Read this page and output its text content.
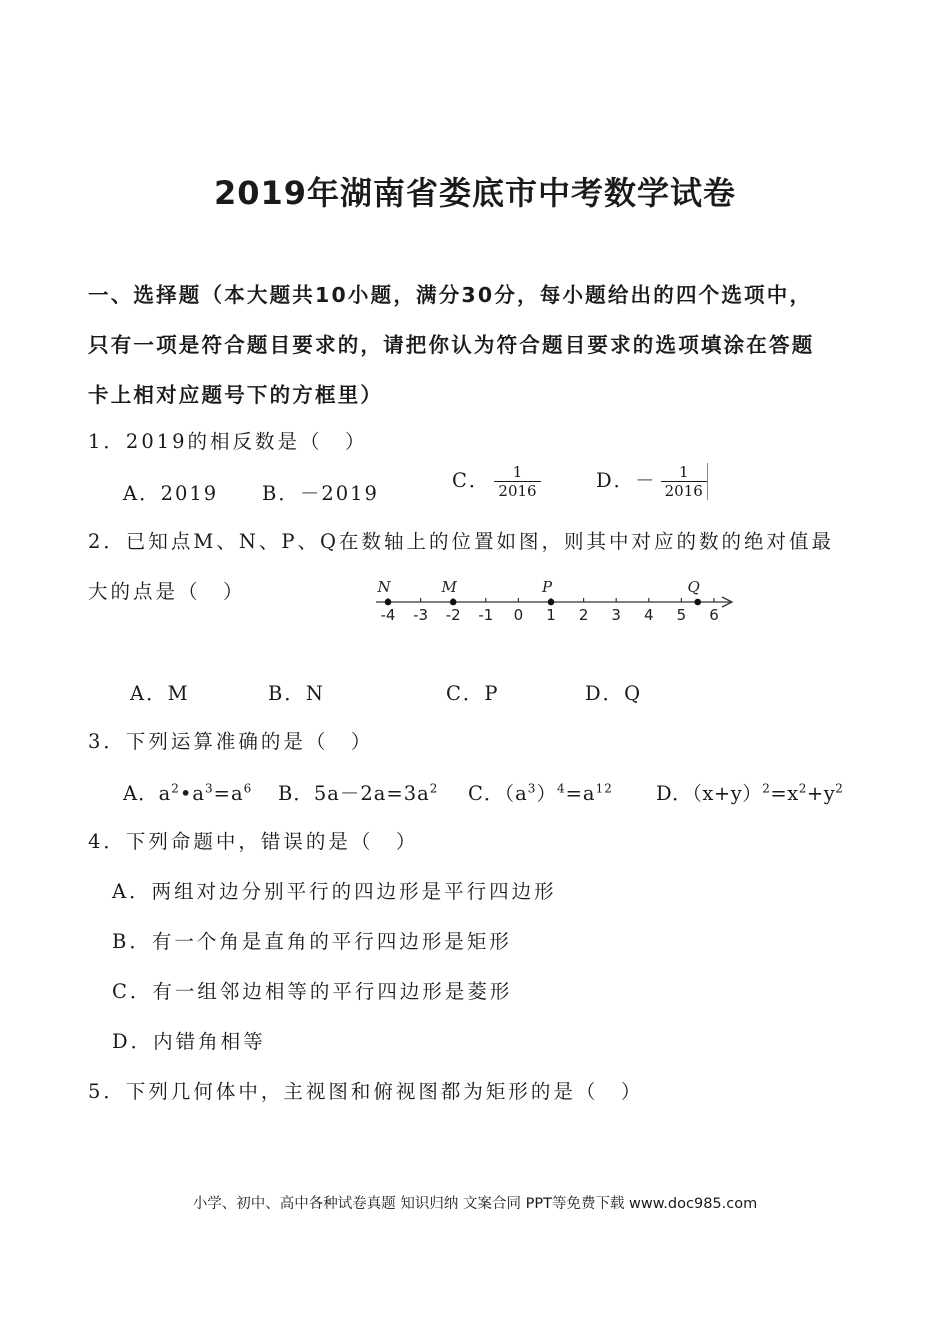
2019年湖南省娄底市中考数学试卷
一、选择题（本大题共10小题，满分30分，每小题给出的四个选项中，
只有一项是符合题目要求的，请把你认为符合题目要求的选项填涂在答题
卡上相对应题号下的方框里）
1．2019的相反数是（　）
A．2019 B．－2019
C． $\frac{1}{2016}$	D．－ $\frac{1}{2016}$
2．已知点M、N、P、Q在数轴上的位置如图，则其中对应的数的绝对值最
大的点是（　）
-4 -3 -2 -1 0 1 2 3 4 5 6
N	M	P	Q
A．M	B．N	C．P	D．Q
3．下列运算准确的是（　）
A．$a^2•a^3=a^6$ B．$5a-2a=3a^2$ C．$(a^3)^4=a^{12}$ D．$(x+y)^2=x^2+y^2$
4．下列命题中，错误的是（　）
A．两组对边分别平行的四边形是平行四边形
B．有一个角是直角的平行四边形是矩形
C．有一组邻边相等的平行四边形是菱形
D．内错角相等
5．下列几何体中，主视图和俯视图都为矩形的是（　）
小学、初中、高中各种试卷真题 知识归纳 文案合同 PPT等免费下载 www.doc985.com
